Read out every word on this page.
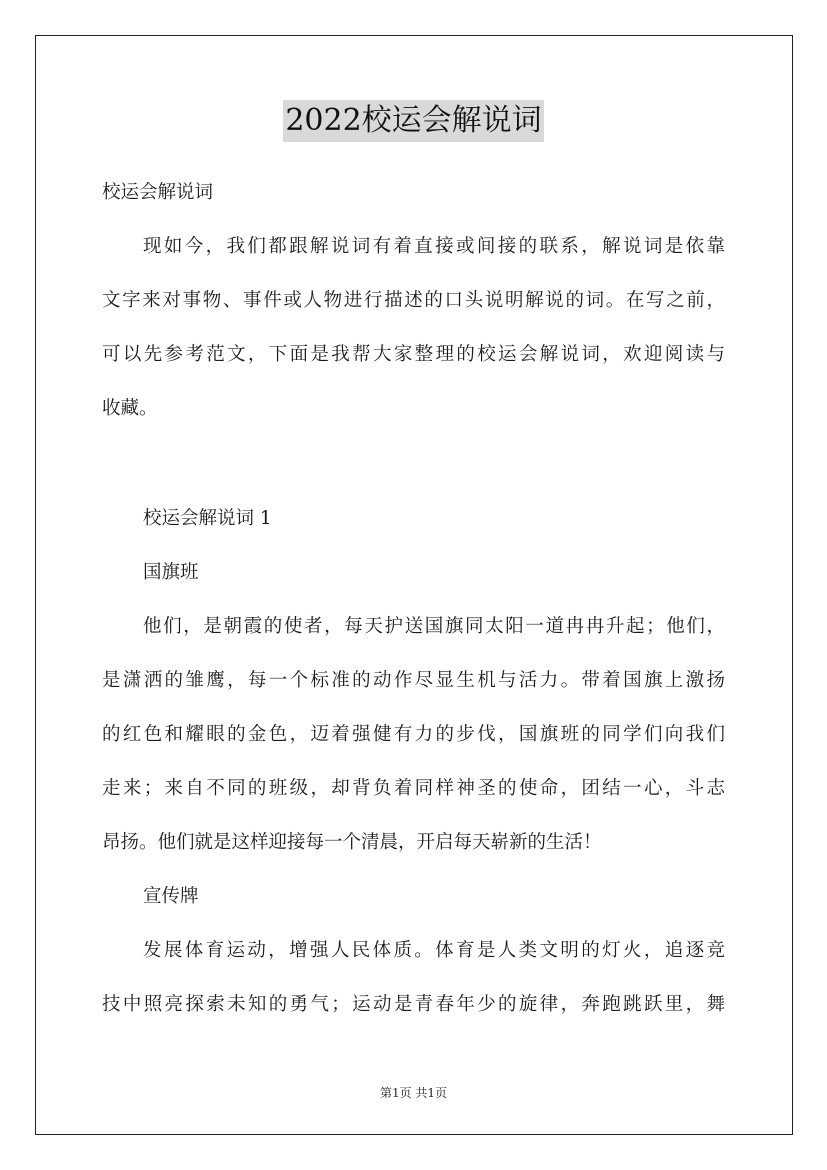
2022校运会解说词
校运会解说词
现如今，我们都跟解说词有着直接或间接的联系，解说词是依靠
文字来对事物、事件或人物进行描述的口头说明解说的词。在写之前，
可以先参考范文，下面是我帮大家整理的校运会解说词，欢迎阅读与
收藏。
校运会解说词 1
国旗班
他们，是朝霞的使者，每天护送国旗同太阳一道冉冉升起；他们，
是潇洒的雏鹰，每一个标准的动作尽显生机与活力。带着国旗上激扬
的红色和耀眼的金色，迈着强健有力的步伐，国旗班的同学们向我们
走来；来自不同的班级，却背负着同样神圣的使命，团结一心，斗志
昂扬。他们就是这样迎接每一个清晨，开启每天崭新的生活！
宣传牌
发展体育运动，增强人民体质。体育是人类文明的灯火，追逐竞
技中照亮探索未知的勇气；运动是青春年少的旋律，奔跑跳跃里，舞
第1页 共1页
